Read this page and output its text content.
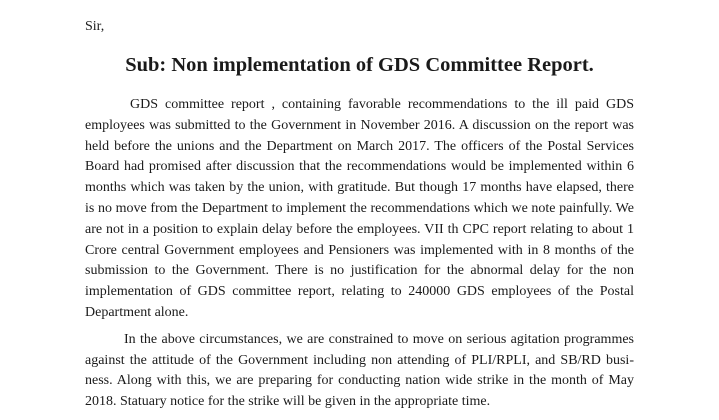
Sir,

Sub: Non implementation of GDS Committee Report.

GDS committee report , containing favorable recommendations to the ill paid GDS employees was submitted to the Government in November 2016. A discussion on the report was held before the unions and the Department on March 2017. The officers of the Postal Services Board had promised after discussion that the recommendations would be implemented within 6 months which was taken by the union, with gratitude. But though 17 months have elapsed, there is no move from the Department to implement the recommendations which we note painfully. We are not in a position to explain delay before the employees. VII th CPC report relating to about 1 Crore central Government employees and Pensioners was implemented with in 8 months of the submission to the Government. There is no justification for the abnormal delay for the non implementation of GDS committee report, relating to 240000 GDS employees of the Postal Department alone.

In the above circumstances, we are constrained to move on serious agitation programmes against the attitude of the Government including non attending of PLI/RPLI, and SB/RD business. Along with this, we are preparing for conducting nation wide strike in the month of May 2018. Statuary notice for the strike will be given in the appropriate time.
